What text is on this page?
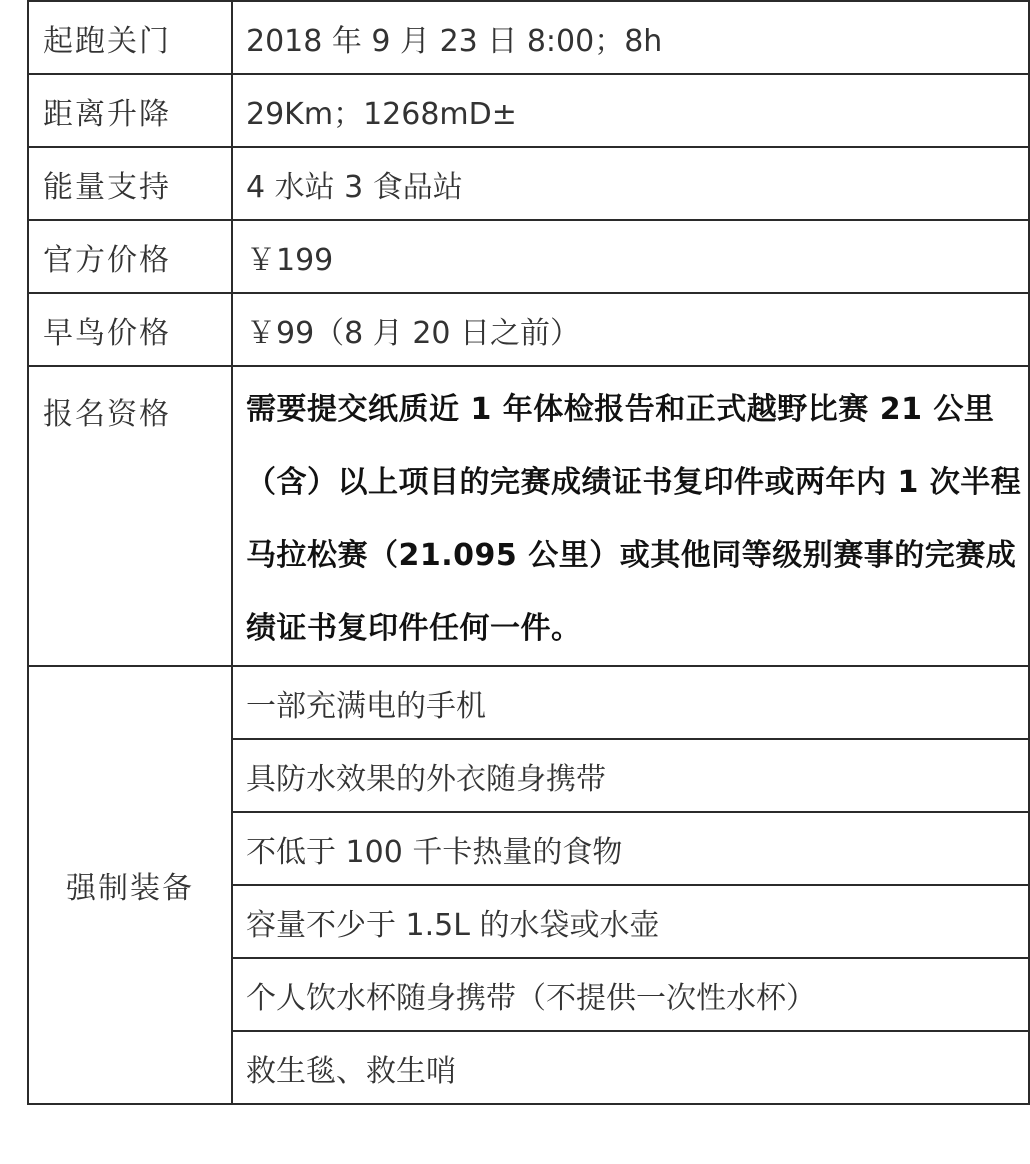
起跑关门	2018 年 9 月 23 日 8:00；8h
距离升降	29Km；1268mD±
能量支持	4 水站 3 食品站
官方价格	￥199
早鸟价格	￥99（8 月 20 日之前）
报名资格	需要提交纸质近 1 年体检报告和正式越野比赛 21 公里（含）以上项目的完赛成绩证书复印件或两年内 1 次半程马拉松赛（21.095 公里）或其他同等级别赛事的完赛成绩证书复印件任何一件。
强制装备	一部充满电的手机
	具防水效果的外衣随身携带
	不低于 100 千卡热量的食物
	容量不少于 1.5L 的水袋或水壶
	个人饮水杯随身携带（不提供一次性水杯）
	救生毯、救生哨
